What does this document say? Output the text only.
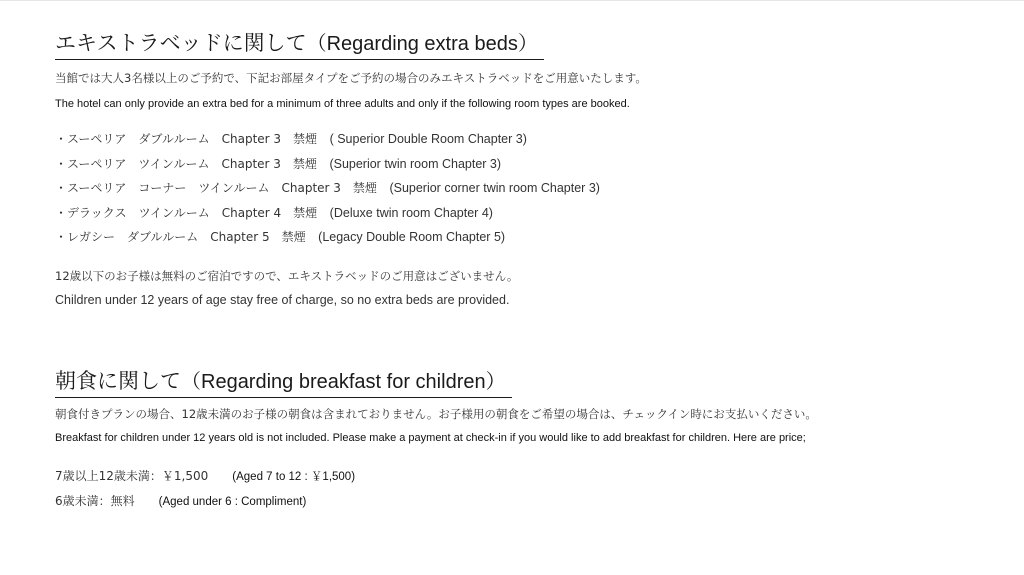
エキストラベッドに関して（Regarding extra beds）
当館では大人3名様以上のご予約で、下記お部屋タイプをご予約の場合のみエキストラベッドをご用意いたします。
The hotel can only provide an extra bed for a minimum of three adults and only if the following room types are booked.
・スーペリア　ダブルルーム　Chapter 3　禁煙　( Superior Double Room Chapter 3)
・スーペリア　ツインルーム　Chapter 3　禁煙　(Superior twin room Chapter 3)
・スーペリア　コーナー　ツインルーム　Chapter 3　禁煙　(Superior corner twin room Chapter 3)
・デラックス　ツインルーム　Chapter 4　禁煙　(Deluxe twin room Chapter 4)
・レガシー　ダブルルーム　Chapter 5　禁煙　(Legacy Double Room Chapter 5)
12歳以下のお子様は無料のご宿泊ですので、エキストラベッドのご用意はございません。
Children under 12 years of age stay free of charge, so no extra beds are provided.
朝食に関して（Regarding breakfast for children）
朝食付きプランの場合、12歳未満のお子様の朝食は含まれておりません。お子様用の朝食をご希望の場合は、チェックイン時にお支払いください。
Breakfast for children under 12 years old is not included. Please make a payment at check-in if you would like to add breakfast for children. Here are price;
7歳以上12歳未満：￥1,500　　 (Aged 7 to 12 : ￥1,500)
6歳未満：無料　　 (Aged under 6 : Compliment)
